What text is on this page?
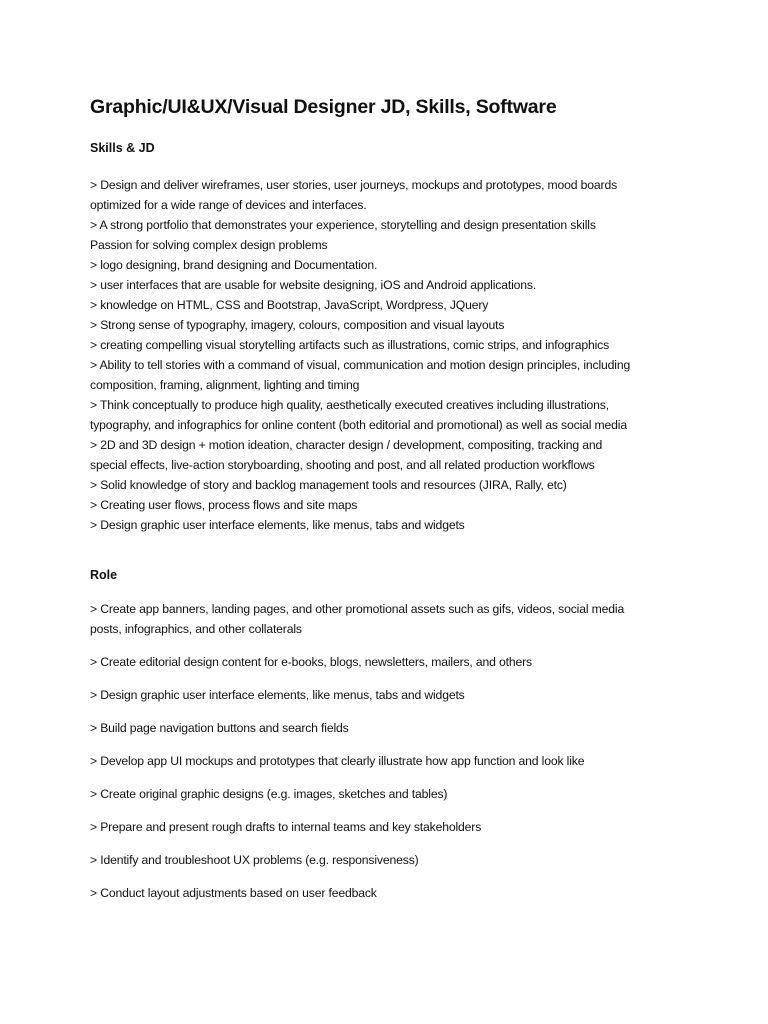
Graphic/UI&UX/Visual Designer JD, Skills, Software
Skills & JD
> Design and deliver wireframes, user stories, user journeys, mockups and prototypes, mood boards
optimized for a wide range of devices and interfaces.
> A strong portfolio that demonstrates your experience, storytelling and design presentation skills
Passion for solving complex design problems
> logo designing, brand designing and Documentation.
> user interfaces that are usable for website designing, iOS and Android applications.
> knowledge on HTML, CSS and Bootstrap, JavaScript, Wordpress, JQuery
> Strong sense of typography, imagery, colours, composition and visual layouts
> creating compelling visual storytelling artifacts such as illustrations, comic strips, and infographics
> Ability to tell stories with a command of visual, communication and motion design principles, including
composition, framing, alignment, lighting and timing
> Think conceptually to produce high quality, aesthetically executed creatives including illustrations,
typography, and infographics for online content (both editorial and promotional) as well as social media
> 2D and 3D design + motion ideation, character design / development, compositing, tracking and
special effects, live-action storyboarding, shooting and post, and all related production workflows
> Solid knowledge of story and backlog management tools and resources (JIRA, Rally, etc)
> Creating user flows, process flows and site maps
> Design graphic user interface elements, like menus, tabs and widgets
Role
> Create app banners, landing pages, and other promotional assets such as gifs, videos, social media
posts, infographics, and other collaterals
> Create editorial design content for e-books, blogs, newsletters, mailers, and others
> Design graphic user interface elements, like menus, tabs and widgets
> Build page navigation buttons and search fields
> Develop app UI mockups and prototypes that clearly illustrate how app function and look like
> Create original graphic designs (e.g. images, sketches and tables)
> Prepare and present rough drafts to internal teams and key stakeholders
> Identify and troubleshoot UX problems (e.g. responsiveness)
> Conduct layout adjustments based on user feedback
